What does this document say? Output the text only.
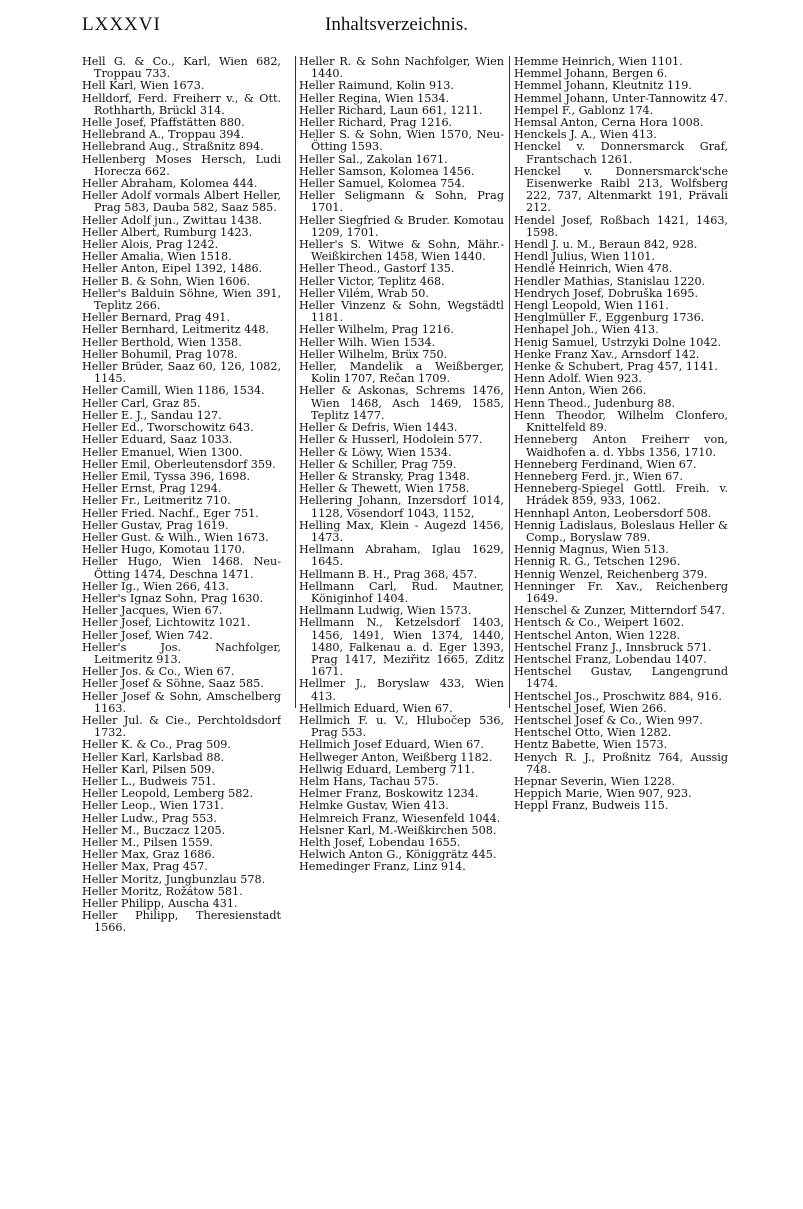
LXXXVI	Inhaltsverzeichnis.

Hell G. & Co., Karl, Wien 682, Troppau 733.

Hell Karl, Wien 1673.

Helldorf, Ferd. Freiherr v., & Ott. Rothharth, Brückl 314.

Helle Josef, Pfaffstätten 880.

Hellebrand A., Troppau 394.

Hellebrand Aug., Straßnitz 894.

Hellenberg Moses Hersch, Ludi Horecza 662.

Heller Abraham, Kolomea 444.

Heller Adolf vormals Albert Heller, Prag 583, Dauba 582, Saaz 585.

Heller Adolf jun., Zwittau 1438.

Heller Albert, Rumburg 1423.

Heller Alois, Prag 1242.

Heller Amalia, Wien 1518.

Heller Anton, Eipel 1392, 1486.

Heller B. & Sohn, Wien 1606.

Heller's Balduin Söhne, Wien 391, Teplitz 266.

Heller Bernard, Prag 491.

Heller Bernhard, Leitmeritz 448.

Heller Berthold, Wien 1358.

Heller Bohumil, Prag 1078.

Heller Brüder, Saaz 60, 126, 1082, 1145.

Heller Camill, Wien 1186, 1534.

Heller Carl, Graz 85.

Heller E. J., Sandau 127.

Heller Ed., Tworschowitz 643.

Heller Eduard, Saaz 1033.

Heller Emanuel, Wien 1300.

Heller Emil, Oberleutensdorf 359.

Heller Emil, Tyssa 396, 1698.

Heller Ernst, Prag 1294.

Heller Fr., Leitmeritz 710.

Heller Fried. Nachf., Eger 751.

Heller Gustav, Prag 1619.

Heller Gust. & Wilh., Wien 1673.

Heller Hugo, Komotau 1170.

Heller Hugo, Wien 1468. Neu-Ötting 1474, Deschna 1471.

Heller Ig., Wien 266, 413.

Heller's Ignaz Sohn, Prag 1630.

Heller Jacques, Wien 67.

Heller Josef, Lichtowitz 1021.

Heller Josef, Wien 742.

Heller's Jos. Nachfolger, Leitmeritz 913.

Heller Jos. & Co., Wien 67.

Heller Josef & Söhne, Saaz 585.

Heller Josef & Sohn, Amschelberg 1163.

Heller Jul. & Cie., Perchtoldsdorf 1732.

Heller K. & Co., Prag 509.

Heller Karl, Karlsbad 88.

Heller Karl, Pilsen 509.

Heller L., Budweis 751.

Heller Leopold, Lemberg 582.

Heller Leop., Wien 1731.

Heller Ludw., Prag 553.

Heller M., Buczacz 1205.

Heller M., Pilsen 1559.

Heller Max, Graz 1686.

Heller Max, Prag 457.

Heller Moritz, Jungbunzlau 578.

Heller Moritz, Rožátow 581.

Heller Philipp, Auscha 431.

Heller Philipp, Theresienstadt 1566.

Heller R. & Sohn Nachfolger, Wien 1440.

Heller Raimund, Kolin 913.

Heller Regina, Wien 1534.

Heller Richard, Laun 661, 1211.

Heller Richard, Prag 1216.

Heller S. & Sohn, Wien 1570, Neu-Ötting 1593.

Heller Sal., Zakolan 1671.

Heller Samson, Kolomea 1456.

Heller Samuel, Kolomea 754.

Heller Seligmann & Sohn, Prag 1701.

Heller Siegfried & Bruder. Komotau 1209, 1701.

Heller's S. Witwe & Sohn, Mähr.-Weißkirchen 1458, Wien 1440.

Heller Theod., Gastorf 135.

Heller Victor, Teplitz 468.

Heller Vilém, Wrab 50.

Heller Vinzenz & Sohn, Wegstädtl 1181.

Heller Wilhelm, Prag 1216.

Heller Wilh. Wien 1534.

Heller Wilhelm, Brüx 750.

Heller, Mandelik a Weißberger, Kolin 1707, Rečan 1709.

Heller & Askonas, Schrems 1476, Wien 1468, Asch 1469, 1585, Teplitz 1477.

Heller & Defris, Wien 1443.

Heller & Husserl, Hodolein 577.

Heller & Löwy, Wien 1534.

Heller & Schiller, Prag 759.

Heller & Stransky, Prag 1348.

Heller & Thewett, Wien 1758.

Hellering Johann, Inzersdorf 1014, 1128, Vösendorf 1043, 1152,

Helling Max, Klein - Augezd 1456, 1473.

Hellmann Abraham, Iglau 1629, 1645.

Hellmann B. H., Prag 368, 457.

Hellmann Carl, Rud. Mautner, Königinhof 1404.

Hellmann Ludwig, Wien 1573.

Hellmann N., Ketzelsdorf 1403, 1456, 1491, Wien 1374, 1440, 1480, Falkenau a. d. Eger 1393, Prag 1417, Meziřitz 1665, Zditz 1671.

Hellmer J., Boryslaw 433, Wien 413.

Hellmich Eduard, Wien 67.

Hellmich F. u. V., Hlubočep 536, Prag 553.

Hellmich Josef Eduard, Wien 67.

Hellweger Anton, Weißberg 1182.

Hellwig Eduard, Lemberg 711.

Helm Hans, Tachau 575.

Helmer Franz, Boskowitz 1234.

Helmke Gustav, Wien 413.

Helmreich Franz, Wiesenfeld 1044.

Helsner Karl, M.-Weißkirchen 508.

Helth Josef, Lobendau 1655.

Helwich Anton G., Königgrätz 445.

Hemedinger Franz, Linz 914.

Hemme Heinrich, Wien 1101.

Hemmel Johann, Bergen 6.

Hemmel Johann, Kleutnitz 119.

Hemmel Johann, Unter-Tannowitz 47.

Hempel F., Gablonz 174.

Hemsal Anton, Cerna Hora 1008.

Henckels J. A., Wien 413.

Henckel v. Donnersmarck Graf, Frantschach 1261.

Henckel v. Donnersmarck'sche Eisenwerke Raibl 213, Wolfsberg 222, 737, Altenmarkt 191, Prävali 212.

Hendel Josef, Roßbach 1421, 1463, 1598.

Hendl J. u. M., Beraun 842, 928.

Hendl Julius, Wien 1101.

Hendlé Heinrich, Wien 478.

Hendler Mathias, Stanislau 1220.

Hendrych Josef, Dobruška 1695.

Hengl Leopold, Wien 1161.

Henglmüller F., Eggenburg 1736.

Henhapel Joh., Wien 413.

Henig Samuel, Ustrzyki Dolne 1042.

Henke Franz Xav., Arnsdorf 142.

Henke & Schubert, Prag 457, 1141.

Henn Adolf. Wien 923.

Henn Anton, Wien 266.

Henn Theod., Judenburg 88.

Henn Theodor, Wilhelm Clonfero, Knittelfeld 89.

Henneberg Anton Freiherr von, Waidhofen a. d. Ybbs 1356, 1710.

Henneberg Ferdinand, Wien 67.

Henneberg Ferd. jr., Wien 67.

Henneberg-Spiegel Gottl. Freih. v. Hrádek 859, 933, 1062.

Hennhapl Anton, Leobersdorf 508.

Hennig Ladislaus, Boleslaus Heller & Comp., Boryslaw 789.

Hennig Magnus, Wien 513.

Hennig R. G., Tetschen 1296.

Hennig Wenzel, Reichenberg 379.

Henninger Fr. Xav., Reichenberg 1649.

Henschel & Zunzer, Mitterndorf 547.

Hentsch & Co., Weipert 1602.

Hentschel Anton, Wien 1228.

Hentschel Franz J., Innsbruck 571.

Hentschel Franz, Lobendau 1407.

Hentschel Gustav, Langengrund 1474.

Hentschel Jos., Proschwitz 884, 916.

Hentschel Josef, Wien 266.

Hentschel Josef & Co., Wien 997.

Hentschel Otto, Wien 1282.

Hentz Babette, Wien 1573.

Henych R. J., Proßnitz 764, Aussig 748.

Hepnar Severin, Wien 1228.

Heppich Marie, Wien 907, 923.

Heppl Franz, Budweis 115.
